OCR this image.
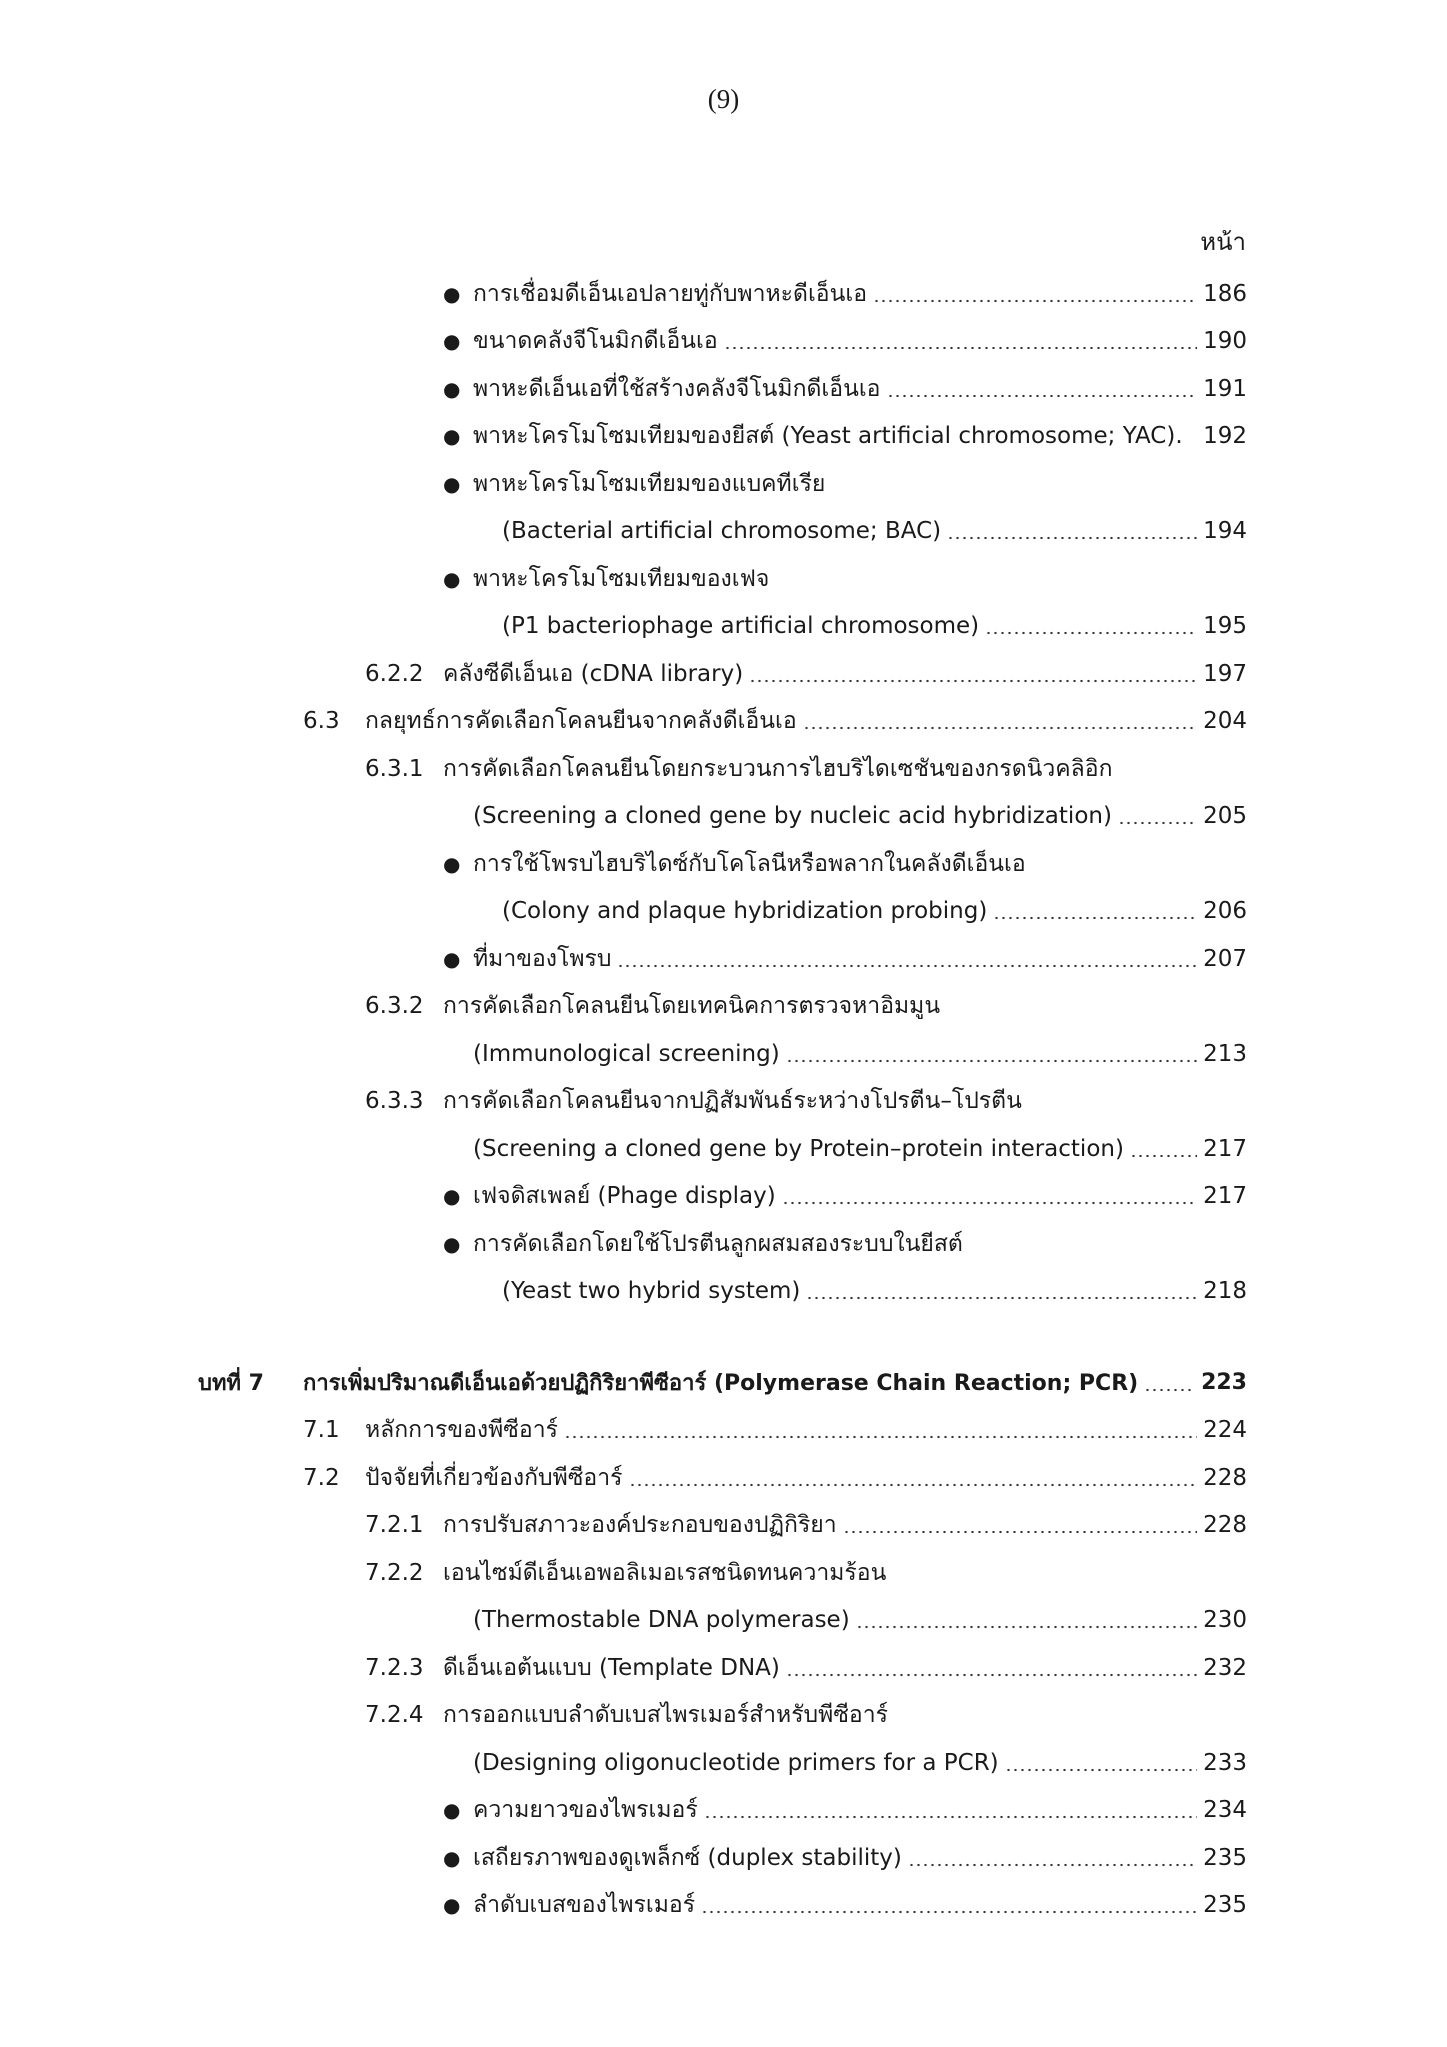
(9)
หน้า
● การเชื่อมดีเอ็นเอปลายทู่กับพาหะดีเอ็นเอ	186
● ขนาดคลังจีโนมิกดีเอ็นเอ	190
● พาหะดีเอ็นเอที่ใช้สร้างคลังจีโนมิกดีเอ็นเอ	191
● พาหะโครโมโซมเทียมของยีสต์ (Yeast artificial chromosome; YAC). 192
● พาหะโครโมโซมเทียมของแบคทีเรีย
(Bacterial artificial chromosome; BAC)	194
● พาหะโครโมโซมเทียมของเฟจ
(P1 bacteriophage artificial chromosome)	195
6.2.2 คลังซีดีเอ็นเอ (cDNA library)	197
6.3	กลยุทธ์การคัดเลือกโคลนยีนจากคลังดีเอ็นเอ	204
6.3.1 การคัดเลือกโคลนยีนโดยกระบวนการไฮบริไดเซชันของกรดนิวคลิอิก
(Screening a cloned gene by nucleic acid hybridization)	205
● การใช้โพรบไฮบริไดซ์กับโคโลนีหรือพลากในคลังดีเอ็นเอ
(Colony and plaque hybridization probing)	206
● ที่มาของโพรบ	207
6.3.2 การคัดเลือกโคลนยีนโดยเทคนิคการตรวจหาอิมมูน
(Immunological screening)	213
6.3.3 การคัดเลือกโคลนยีนจากปฏิสัมพันธ์ระหว่างโปรตีน–โปรตีน
(Screening a cloned gene by Protein–protein interaction)	217
● เฟจดิสเพลย์ (Phage display)	217
● การคัดเลือกโดยใช้โปรตีนลูกผสมสองระบบในยีสต์
(Yeast two hybrid system)	218
บทที่ 7	การเพิ่มปริมาณดีเอ็นเอด้วยปฏิกิริยาพีซีอาร์ (Polymerase Chain Reaction; PCR)	223
7.1	หลักการของพีซีอาร์	224
7.2	ปัจจัยที่เกี่ยวข้องกับพีซีอาร์	228
7.2.1 การปรับสภาวะองค์ประกอบของปฏิกิริยา	228
7.2.2 เอนไซม์ดีเอ็นเอพอลิเมอเรสชนิดทนความร้อน
(Thermostable DNA polymerase)	230
7.2.3 ดีเอ็นเอต้นแบบ (Template DNA)	232
7.2.4 การออกแบบลำดับเบสไพรเมอร์สำหรับพีซีอาร์
(Designing oligonucleotide primers for a PCR)	233
● ความยาวของไพรเมอร์	234
● เสถียรภาพของดูเพล็กซ์ (duplex stability)	235
● ลำดับเบสของไพรเมอร์	235
